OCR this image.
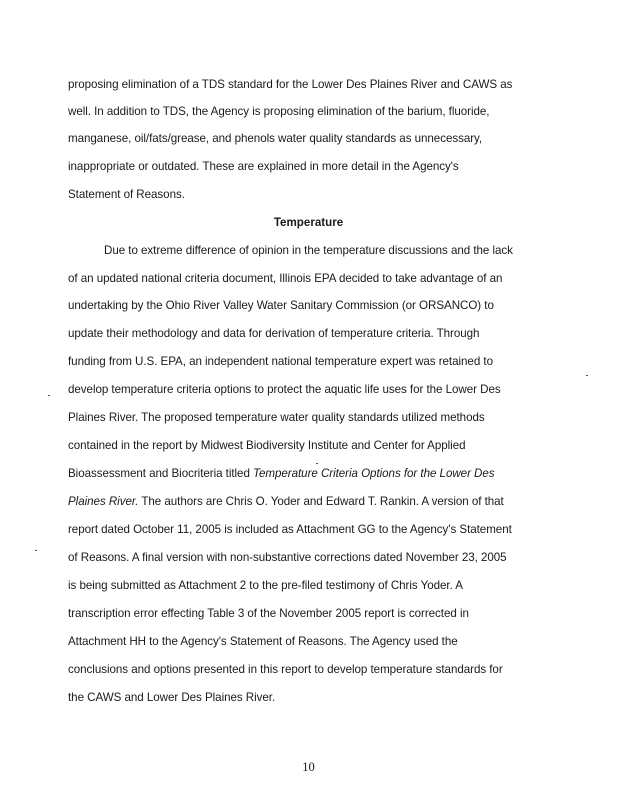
proposing elimination of a TDS standard for the Lower Des Plaines River and CAWS as
well. In addition to TDS, the Agency is proposing elimination of the barium, fluoride,
manganese, oil/fats/grease, and phenols water quality standards as unnecessary,
inappropriate or outdated. These are explained in more detail in the Agency's
Statement of Reasons.
Temperature
Due to extreme difference of opinion in the temperature discussions and the lack
of an updated national criteria document, Illinois EPA decided to take advantage of an
undertaking by the Ohio River Valley Water Sanitary Commission (or ORSANCO) to
update their methodology and data for derivation of temperature criteria. Through
funding from U.S. EPA, an independent national temperature expert was retained to
develop temperature criteria options to protect the aquatic life uses for the Lower Des
Plaines River. The proposed temperature water quality standards utilized methods
contained in the report by Midwest Biodiversity Institute and Center for Applied
Bioassessment and Biocriteria titled Temperature Criteria Options for the Lower Des
Plaines River. The authors are Chris O. Yoder and Edward T. Rankin. A version of that
report dated October 11, 2005 is included as Attachment GG to the Agency's Statement
of Reasons. A final version with non-substantive corrections dated November 23, 2005
is being submitted as Attachment 2 to the pre-filed testimony of Chris Yoder. A
transcription error effecting Table 3 of the November 2005 report is corrected in
Attachment HH to the Agency's Statement of Reasons. The Agency used the
conclusions and options presented in this report to develop temperature standards for
the CAWS and Lower Des Plaines River.
10
